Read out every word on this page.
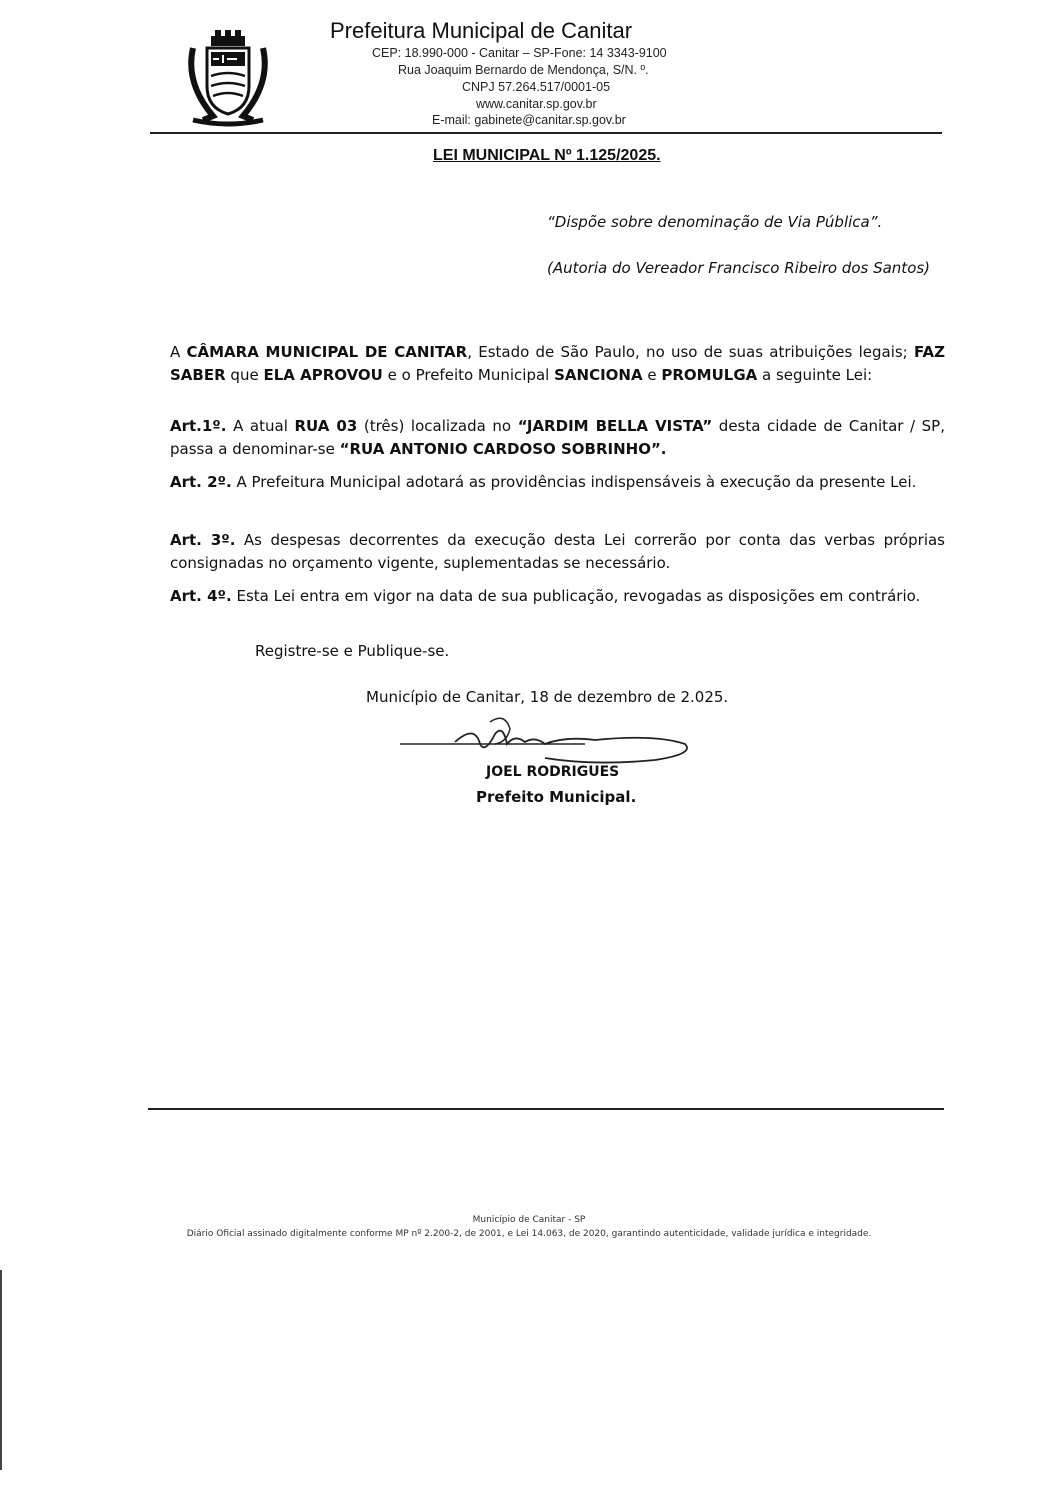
Prefeitura Municipal de Canitar
CEP: 18.990-000 - Canitar – SP-Fone: 14 3343-9100
Rua Joaquim Bernardo de Mendonça, S/N. º.
CNPJ 57.264.517/0001-05
www.canitar.sp.gov.br
E-mail: gabinete@canitar.sp.gov.br
LEI MUNICIPAL Nº 1.125/2025.
“Dispõe sobre denominação de Via Pública”.
(Autoria do Vereador Francisco Ribeiro dos Santos)
A CÂMARA MUNICIPAL DE CANITAR, Estado de São Paulo, no uso de suas atribuições legais; FAZ SABER que ELA APROVOU e o Prefeito Municipal SANCIONA e PROMULGA a seguinte Lei:
Art.1º. A atual RUA 03 (três) localizada no “JARDIM BELLA VISTA” desta cidade de Canitar / SP, passa a denominar-se “RUA ANTONIO CARDOSO SOBRINHO”.
Art. 2º. A Prefeitura Municipal adotará as providências indispensáveis à execução da presente Lei.
Art. 3º. As despesas decorrentes da execução desta Lei correrão por conta das verbas próprias consignadas no orçamento vigente, suplementadas se necessário.
Art. 4º. Esta Lei entra em vigor na data de sua publicação, revogadas as disposições em contrário.
Registre-se e Publique-se.
Município de Canitar, 18 de dezembro de 2.025.
JOEL RODRIGUES
Prefeito Municipal.
Município de Canitar - SP
Diário Oficial assinado digitalmente conforme MP nº 2.200-2, de 2001, e Lei 14.063, de 2020, garantindo autenticidade, validade jurídica e integridade.
